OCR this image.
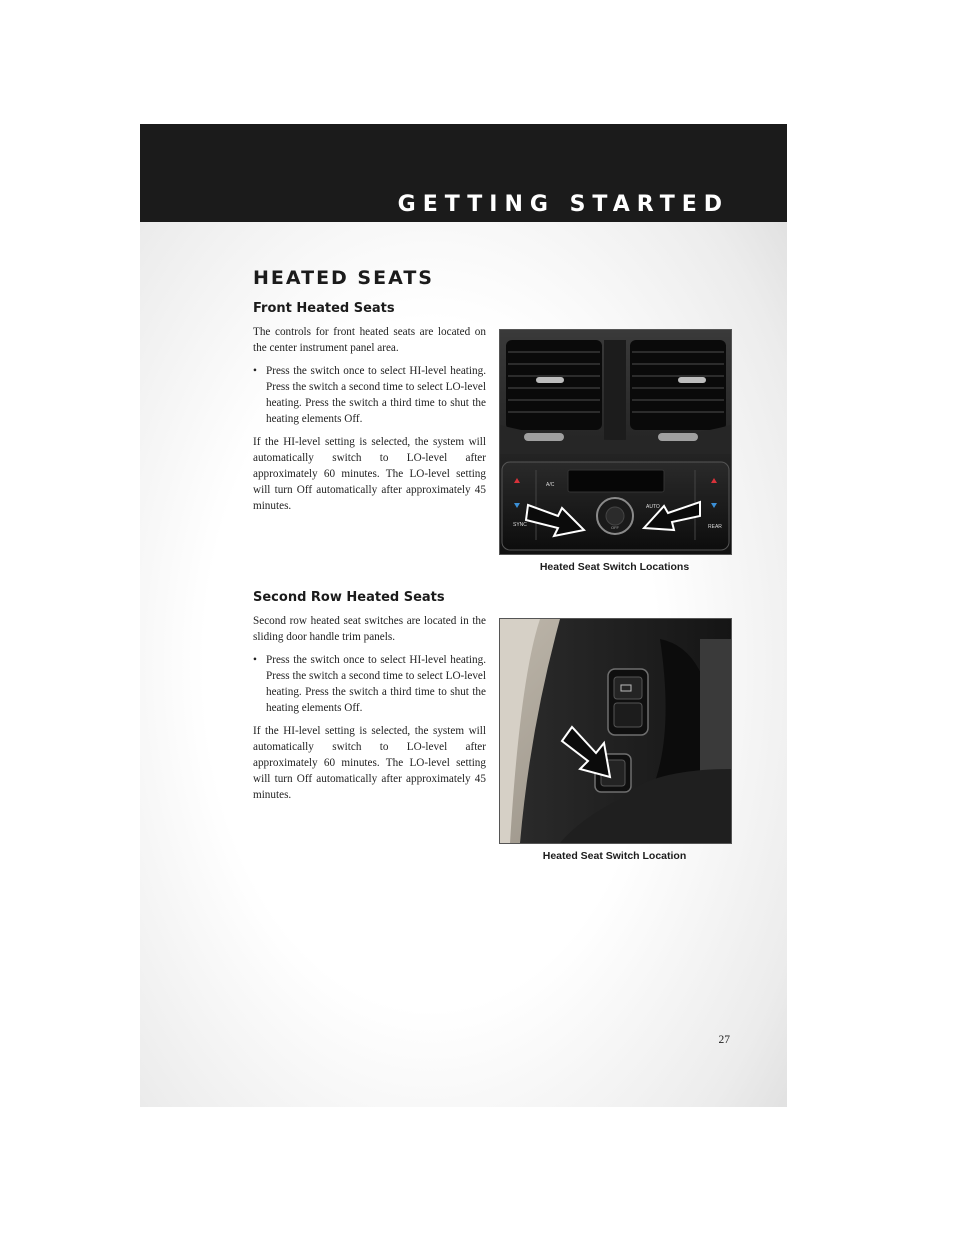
GETTING STARTED
HEATED SEATS
Front Heated Seats

The controls for front heated seats are located on the center instrument panel area.

• Press the switch once to select HI-level heating. Press the switch a second time to select LO-level heating. Press the switch a third time to shut the heating elements Off.

If the HI-level setting is selected, the system will automatically switch to LO-level after approximately 60 minutes. The LO-level setting will turn Off automatically after approximately 45 minutes.

OFF
A/C
AUTO
SYNC	REAR
Heated Seat Switch Locations
Second Row Heated Seats

Second row heated seat switches are located in the sliding door handle trim panels.

• Press the switch once to select HI-level heating. Press the switch a second time to select LO-level heating. Press the switch a third time to shut the heating elements Off.

If the HI-level setting is selected, the system will automatically switch to LO-level after approximately 60 minutes. The LO-level setting will turn Off automatically after approximately 45 minutes.

Heated Seat Switch Location
27
